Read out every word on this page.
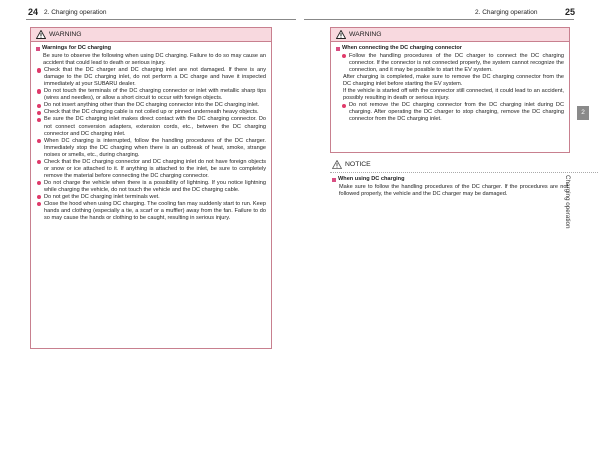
24 2. Charging operation	2. Charging operation	25
WARNING
Warnings for DC charging
Be sure to observe the following when using DC charging. Failure to do so may cause an accident that could lead to death or serious injury.
Check that the DC charger and DC charging inlet are not damaged. If there is any damage to the DC charging inlet, do not perform a DC charge and have it inspected immediately at your SUBARU dealer.
Do not touch the terminals of the DC charging connector or inlet with metallic sharp tips (wires and needles), or allow a short circuit to occur with foreign objects.
Do not insert anything other than the DC charging connector into the DC charging inlet.
Check that the DC charging cable is not coiled up or pinned underneath heavy objects.
Be sure the DC charging inlet makes direct contact with the DC charging connector. Do not connect conversion adapters, extension cords, etc., between the DC charging connector and DC charging inlet.
When DC charging is interrupted, follow the handling procedures of the DC charger. Immediately stop the DC charging when there is an outbreak of heat, smoke, strange noises or smells, etc., during charging.
Check that the DC charging connector and DC charging inlet do not have foreign objects or snow or ice attached to it. If anything is attached to the inlet, be sure to completely remove the material before connecting the DC charging connector.
Do not charge the vehicle when there is a possibility of lightning. If you notice lightning while charging the vehicle, do not touch the vehicle and the DC charging cable.
Do not get the DC charging inlet terminals wet.
Close the hood when using DC charging. The cooling fan may suddenly start to run. Keep hands and clothing (especially a tie, a scarf or a muffler) away from the fan. Failure to do so may cause the hands or clothing to be caught, resulting in serious injury.
WARNING
When connecting the DC charging connector
Follow the handling procedures of the DC charger to connect the DC charging connector. If the connector is not connected properly, the system cannot recognize the connection, and it may be possible to start the EV system.
After charging is completed, make sure to remove the DC charging connector from the DC charging inlet before starting the EV system.
If the vehicle is started off with the connector still connected, it could lead to an accident, possibly resulting in death or serious injury.
Do not remove the DC charging connector from the DC charging inlet during DC charging. After operating the DC charger to stop charging, remove the DC charging connector from the DC charging inlet.
NOTICE
When using DC charging
Make sure to follow the handling procedures of the DC charger. If the procedures are not followed properly, the vehicle and the DC charger may be damaged.
2
Charging operation
